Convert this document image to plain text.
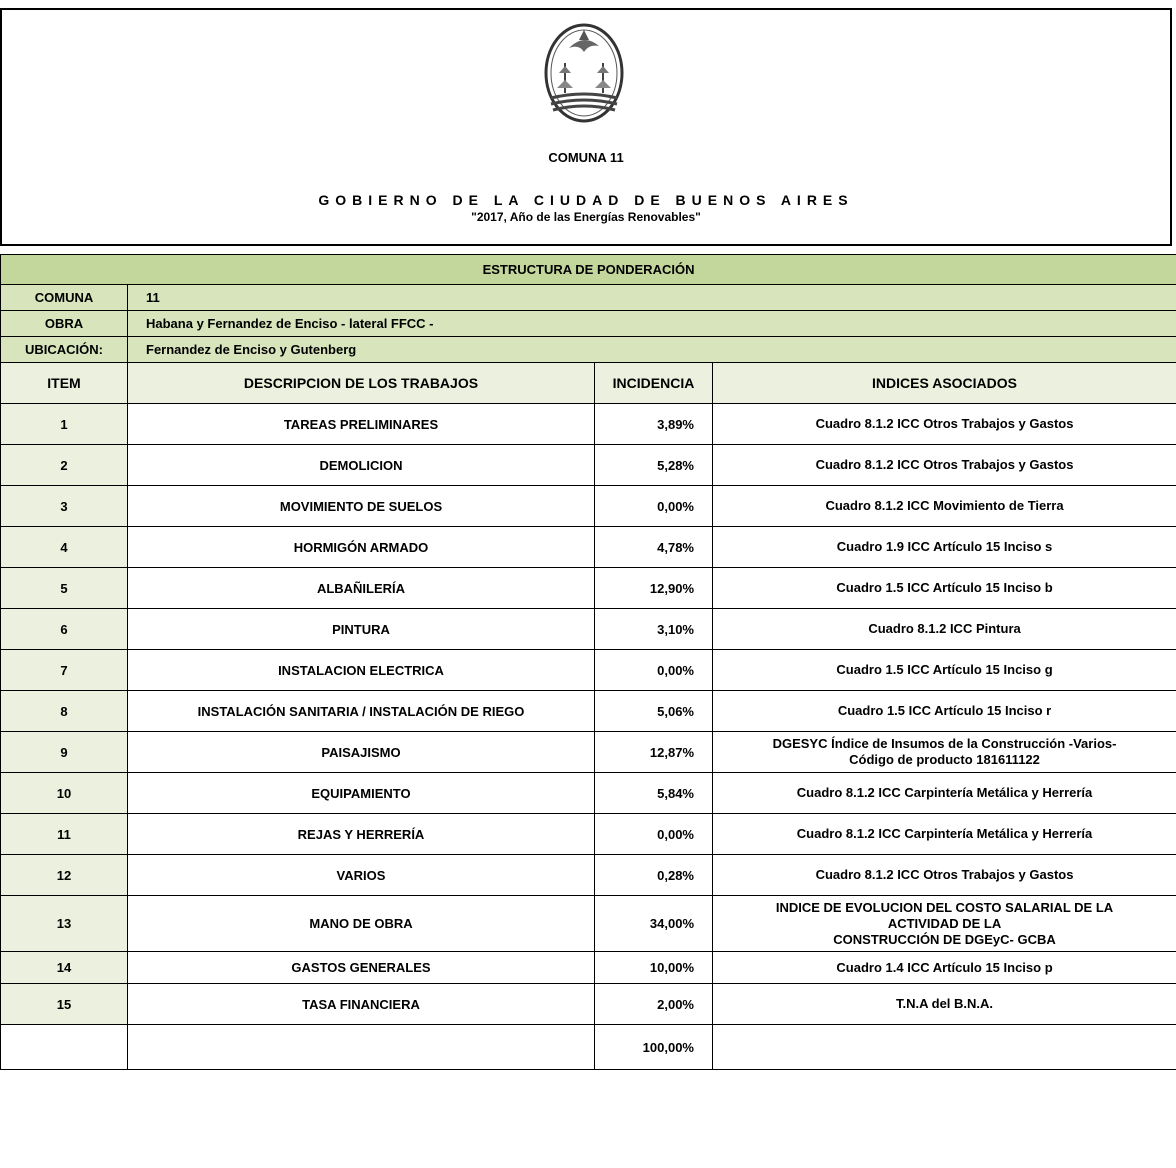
COMUNA 11
GOBIERNO DE LA CIUDAD DE BUENOS AIRES
"2017, Año de las Energías Renovables"
ESTRUCTURA DE PONDERACIÓN			
COMUNA	11		
OBRA	Habana y Fernandez de Enciso - lateral FFCC -		
UBICACIÓN:	Fernandez de Enciso y Gutenberg		
ITEM	DESCRIPCION DE LOS TRABAJOS	INCIDENCIA	INDICES ASOCIADOS
1	TAREAS PRELIMINARES	3,89%	Cuadro 8.1.2 ICC Otros Trabajos y Gastos
2	DEMOLICION	5,28%	Cuadro 8.1.2 ICC Otros Trabajos y Gastos
3	MOVIMIENTO DE SUELOS	0,00%	Cuadro 8.1.2 ICC Movimiento de Tierra
4	HORMIGÓN ARMADO	4,78%	Cuadro 1.9 ICC Artículo 15 Inciso s
5	ALBAÑILERÍA	12,90%	Cuadro 1.5 ICC Artículo 15 Inciso b
6	PINTURA	3,10%	Cuadro 8.1.2 ICC Pintura
7	INSTALACION ELECTRICA	0,00%	Cuadro 1.5 ICC Artículo 15 Inciso g
8	INSTALACIÓN SANITARIA / INSTALACIÓN DE RIEGO	5,06%	Cuadro 1.5 ICC Artículo 15 Inciso r
9	PAISAJISMO	12,87%	DGESYC Índice de Insumos de la Construcción -Varios-
Código de producto 181611122

10	EQUIPAMIENTO	5,84%	Cuadro 8.1.2 ICC Carpintería Metálica y Herrería
11	REJAS Y HERRERÍA	0,00%	Cuadro 8.1.2 ICC Carpintería Metálica y Herrería
12	VARIOS	0,28%	Cuadro 8.1.2 ICC Otros Trabajos y Gastos
13	MANO DE OBRA	34,00%	INDICE DE EVOLUCION DEL COSTO SALARIAL DE LA
ACTIVIDAD DE LA
CONSTRUCCIÓN DE DGEyC- GCBA

14	GASTOS GENERALES	10,00%	Cuadro 1.4 ICC Artículo 15 Inciso p
15	TASA FINANCIERA	2,00%	T.N.A del B.N.A.
		100,00%	
